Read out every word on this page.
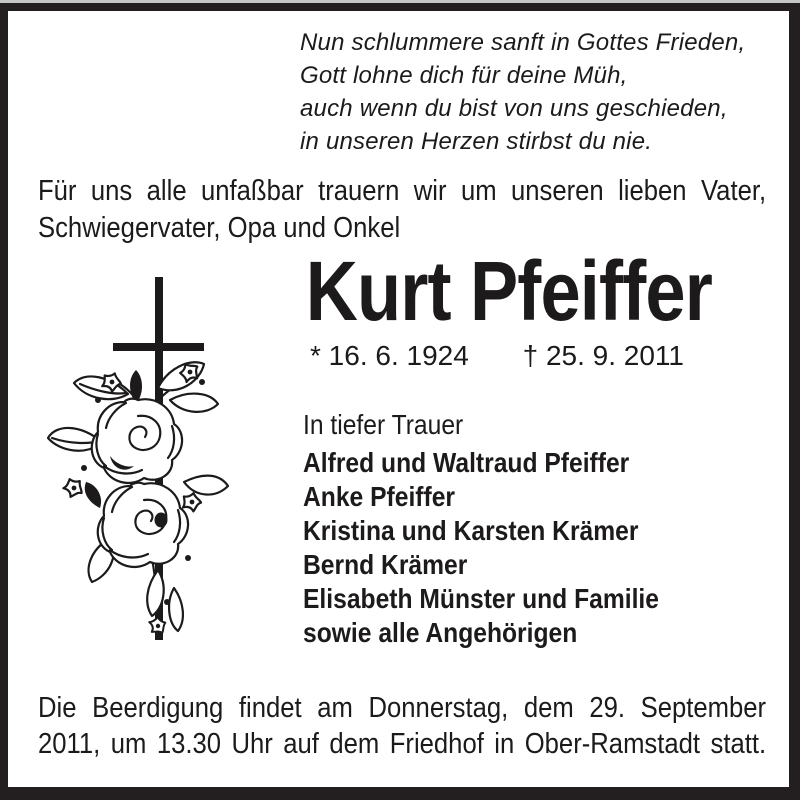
Nun schlummere sanft in Gottes Frieden,
Gott lohne dich für deine Müh,
auch wenn du bist von uns geschieden,
in unseren Herzen stirbst du nie.
Für uns alle unfaßbar trauern wir um unseren lieben Vater,
Schwiegervater, Opa und Onkel
Kurt Pfeiffer
* 16. 6. 1924 † 25. 9. 2011
In tiefer Trauer
Alfred und Waltraud Pfeiffer
Anke Pfeiffer
Kristina und Karsten Krämer
Bernd Krämer
Elisabeth Münster und Familie
sowie alle Angehörigen
Die Beerdigung findet am Donnerstag, dem 29. September
2011, um 13.30 Uhr auf dem Friedhof in Ober-Ramstadt statt.
